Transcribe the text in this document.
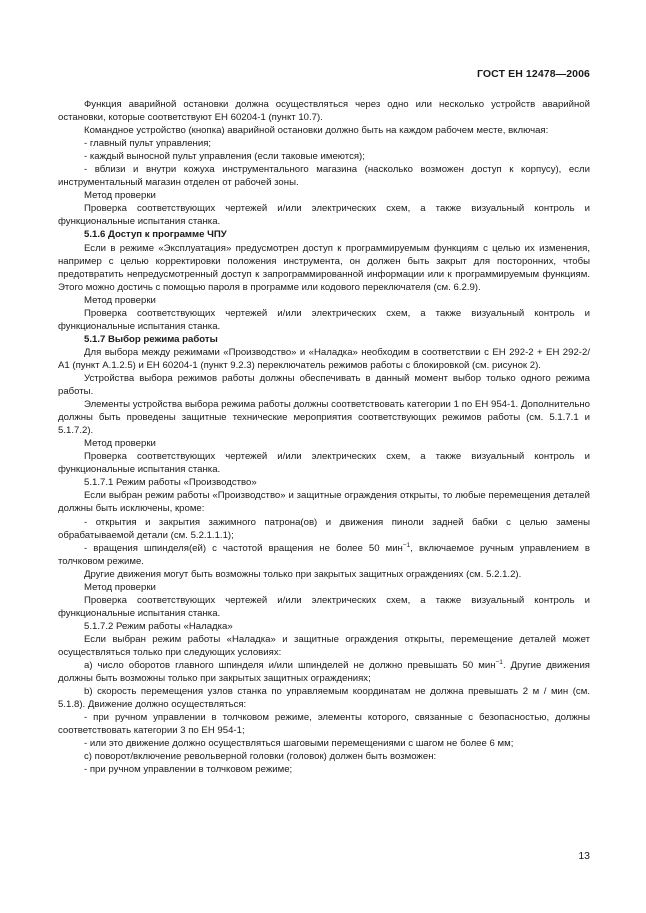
ГОСТ ЕН 12478—2006

Функция аварийной остановки должна осуществляться через одно или несколько устройств аварийной остановки, которые соответствуют ЕН 60204-1 (пункт 10.7).

Командное устройство (кнопка) аварийной остановки должно быть на каждом рабочем месте, включая:

- главный пульт управления;

- каждый выносной пульт управления (если таковые имеются);

- вблизи и внутри кожуха инструментального магазина (насколько возможен доступ к корпусу), если инструментальный магазин отделен от рабочей зоны.

Метод проверки

Проверка соответствующих чертежей и/или электрических схем, а также визуальный контроль и функциональные испытания станка.

5.1.6 Доступ к программе ЧПУ

Если в режиме «Эксплуатация» предусмотрен доступ к программируемым функциям с целью их изменения, например с целью корректировки положения инструмента, он должен быть закрыт для посторонних, чтобы предотвратить непредусмотренный доступ к запрограммированной информации или к программируемым функциям. Этого можно достичь с помощью пароля в программе или кодового переключателя (см. 6.2.9).

Метод проверки

Проверка соответствующих чертежей и/или электрических схем, а также визуальный контроль и функциональные испытания станка.

5.1.7 Выбор режима работы

Для выбора между режимами «Производство» и «Наладка» необходим в соответствии с ЕН 292-2 + ЕН 292-2/А1 (пункт А.1.2.5) и ЕН 60204-1 (пункт 9.2.3) переключатель режимов работы с блокировкой (см. рисунок 2).

Устройства выбора режимов работы должны обеспечивать в данный момент выбор только одного режима работы.

Элементы устройства выбора режима работы должны соответствовать категории 1 по ЕН 954-1. Дополнительно должны быть проведены защитные технические мероприятия соответствующих режимов работы (см. 5.1.7.1 и 5.1.7.2).

Метод проверки

Проверка соответствующих чертежей и/или электрических схем, а также визуальный контроль и функциональные испытания станка.

5.1.7.1 Режим работы «Производство»

Если выбран режим работы «Производство» и защитные ограждения открыты, то любые перемещения деталей должны быть исключены, кроме:

- открытия и закрытия зажимного патрона(ов) и движения пиноли задней бабки с целью замены обрабатываемой детали (см. 5.2.1.1.1);

- вращения шпинделя(ей) с частотой вращения не более 50 мин$^{-1}$, включаемое ручным управлением в толчковом режиме.

Другие движения могут быть возможны только при закрытых защитных ограждениях (см. 5.2.1.2).

Метод проверки

Проверка соответствующих чертежей и/или электрических схем, а также визуальный контроль и функциональные испытания станка.

5.1.7.2 Режим работы «Наладка»

Если выбран режим работы «Наладка» и защитные ограждения открыты, перемещение деталей может осуществляться только при следующих условиях:

a) число оборотов главного шпинделя и/или шпинделей не должно превышать 50 мин$^{-1}$. Другие движения должны быть возможны только при закрытых защитных ограждениях;

b) скорость перемещения узлов станка по управляемым координатам не должна превышать 2 м / мин (см. 5.1.8). Движение должно осуществляться:

- при ручном управлении в толчковом режиме, элементы которого, связанные с безопасностью, должны соответствовать категории 3 по ЕН 954-1;

- или это движение должно осуществляться шаговыми перемещениями с шагом не более 6 мм;

c) поворот/включение револьверной головки (головок) должен быть возможен:

- при ручном управлении в толчковом режиме;

13
